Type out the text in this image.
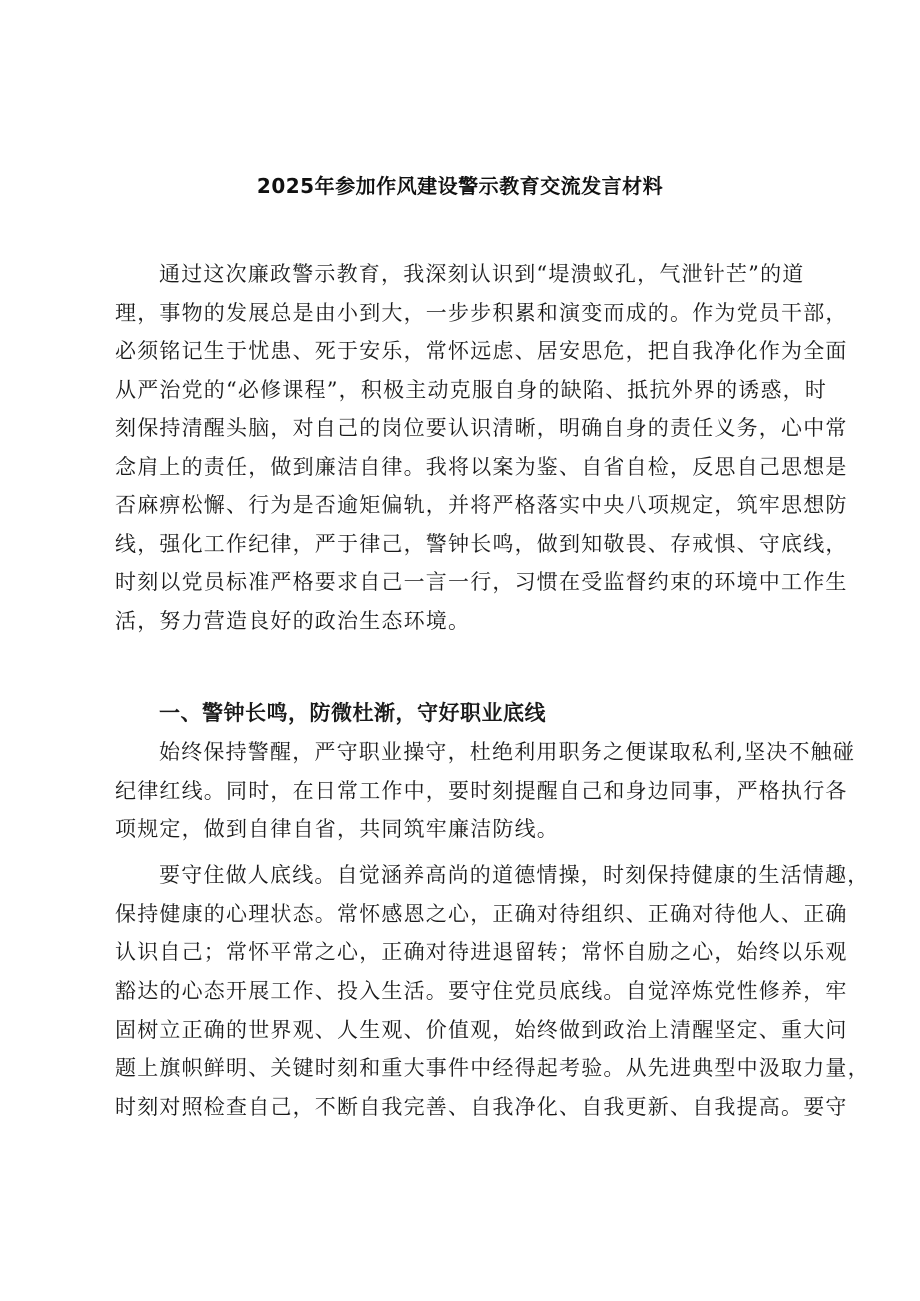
2025年参加作风建设警示教育交流发言材料
通过这次廉政警示教育，我深刻认识到“堤溃蚁孔，气泄针芒”的道
理，事物的发展总是由小到大，一步步积累和演变而成的。作为党员干部，
必须铭记生于忧患、死于安乐，常怀远虑、居安思危，把自我净化作为全面
从严治党的“必修课程”，积极主动克服自身的缺陷、抵抗外界的诱惑，时
刻保持清醒头脑，对自己的岗位要认识清晰，明确自身的责任义务，心中常
念肩上的责任，做到廉洁自律。我将以案为鉴、自省自检，反思自己思想是
否麻痹松懈、行为是否逾矩偏轨，并将严格落实中央八项规定，筑牢思想防
线，强化工作纪律，严于律己，警钟长鸣，做到知敬畏、存戒惧、守底线，
时刻以党员标准严格要求自己一言一行，习惯在受监督约束的环境中工作生
活，努力营造良好的政治生态环境。
一、警钟长鸣，防微杜渐，守好职业底线
始终保持警醒，严守职业操守，杜绝利用职务之便谋取私利,坚决不触碰
纪律红线。同时，在日常工作中，要时刻提醒自己和身边同事，严格执行各
项规定，做到自律自省，共同筑牢廉洁防线。
要守住做人底线。自觉涵养高尚的道德情操，时刻保持健康的生活情趣，
保持健康的心理状态。常怀感恩之心，正确对待组织、正确对待他人、正确
认识自己；常怀平常之心，正确对待进退留转；常怀自励之心，始终以乐观
豁达的心态开展工作、投入生活。要守住党员底线。自觉淬炼党性修养，牢
固树立正确的世界观、人生观、价值观，始终做到政治上清醒坚定、重大问
题上旗帜鲜明、关键时刻和重大事件中经得起考验。从先进典型中汲取力量，
时刻对照检查自己，不断自我完善、自我净化、自我更新、自我提高。要守
